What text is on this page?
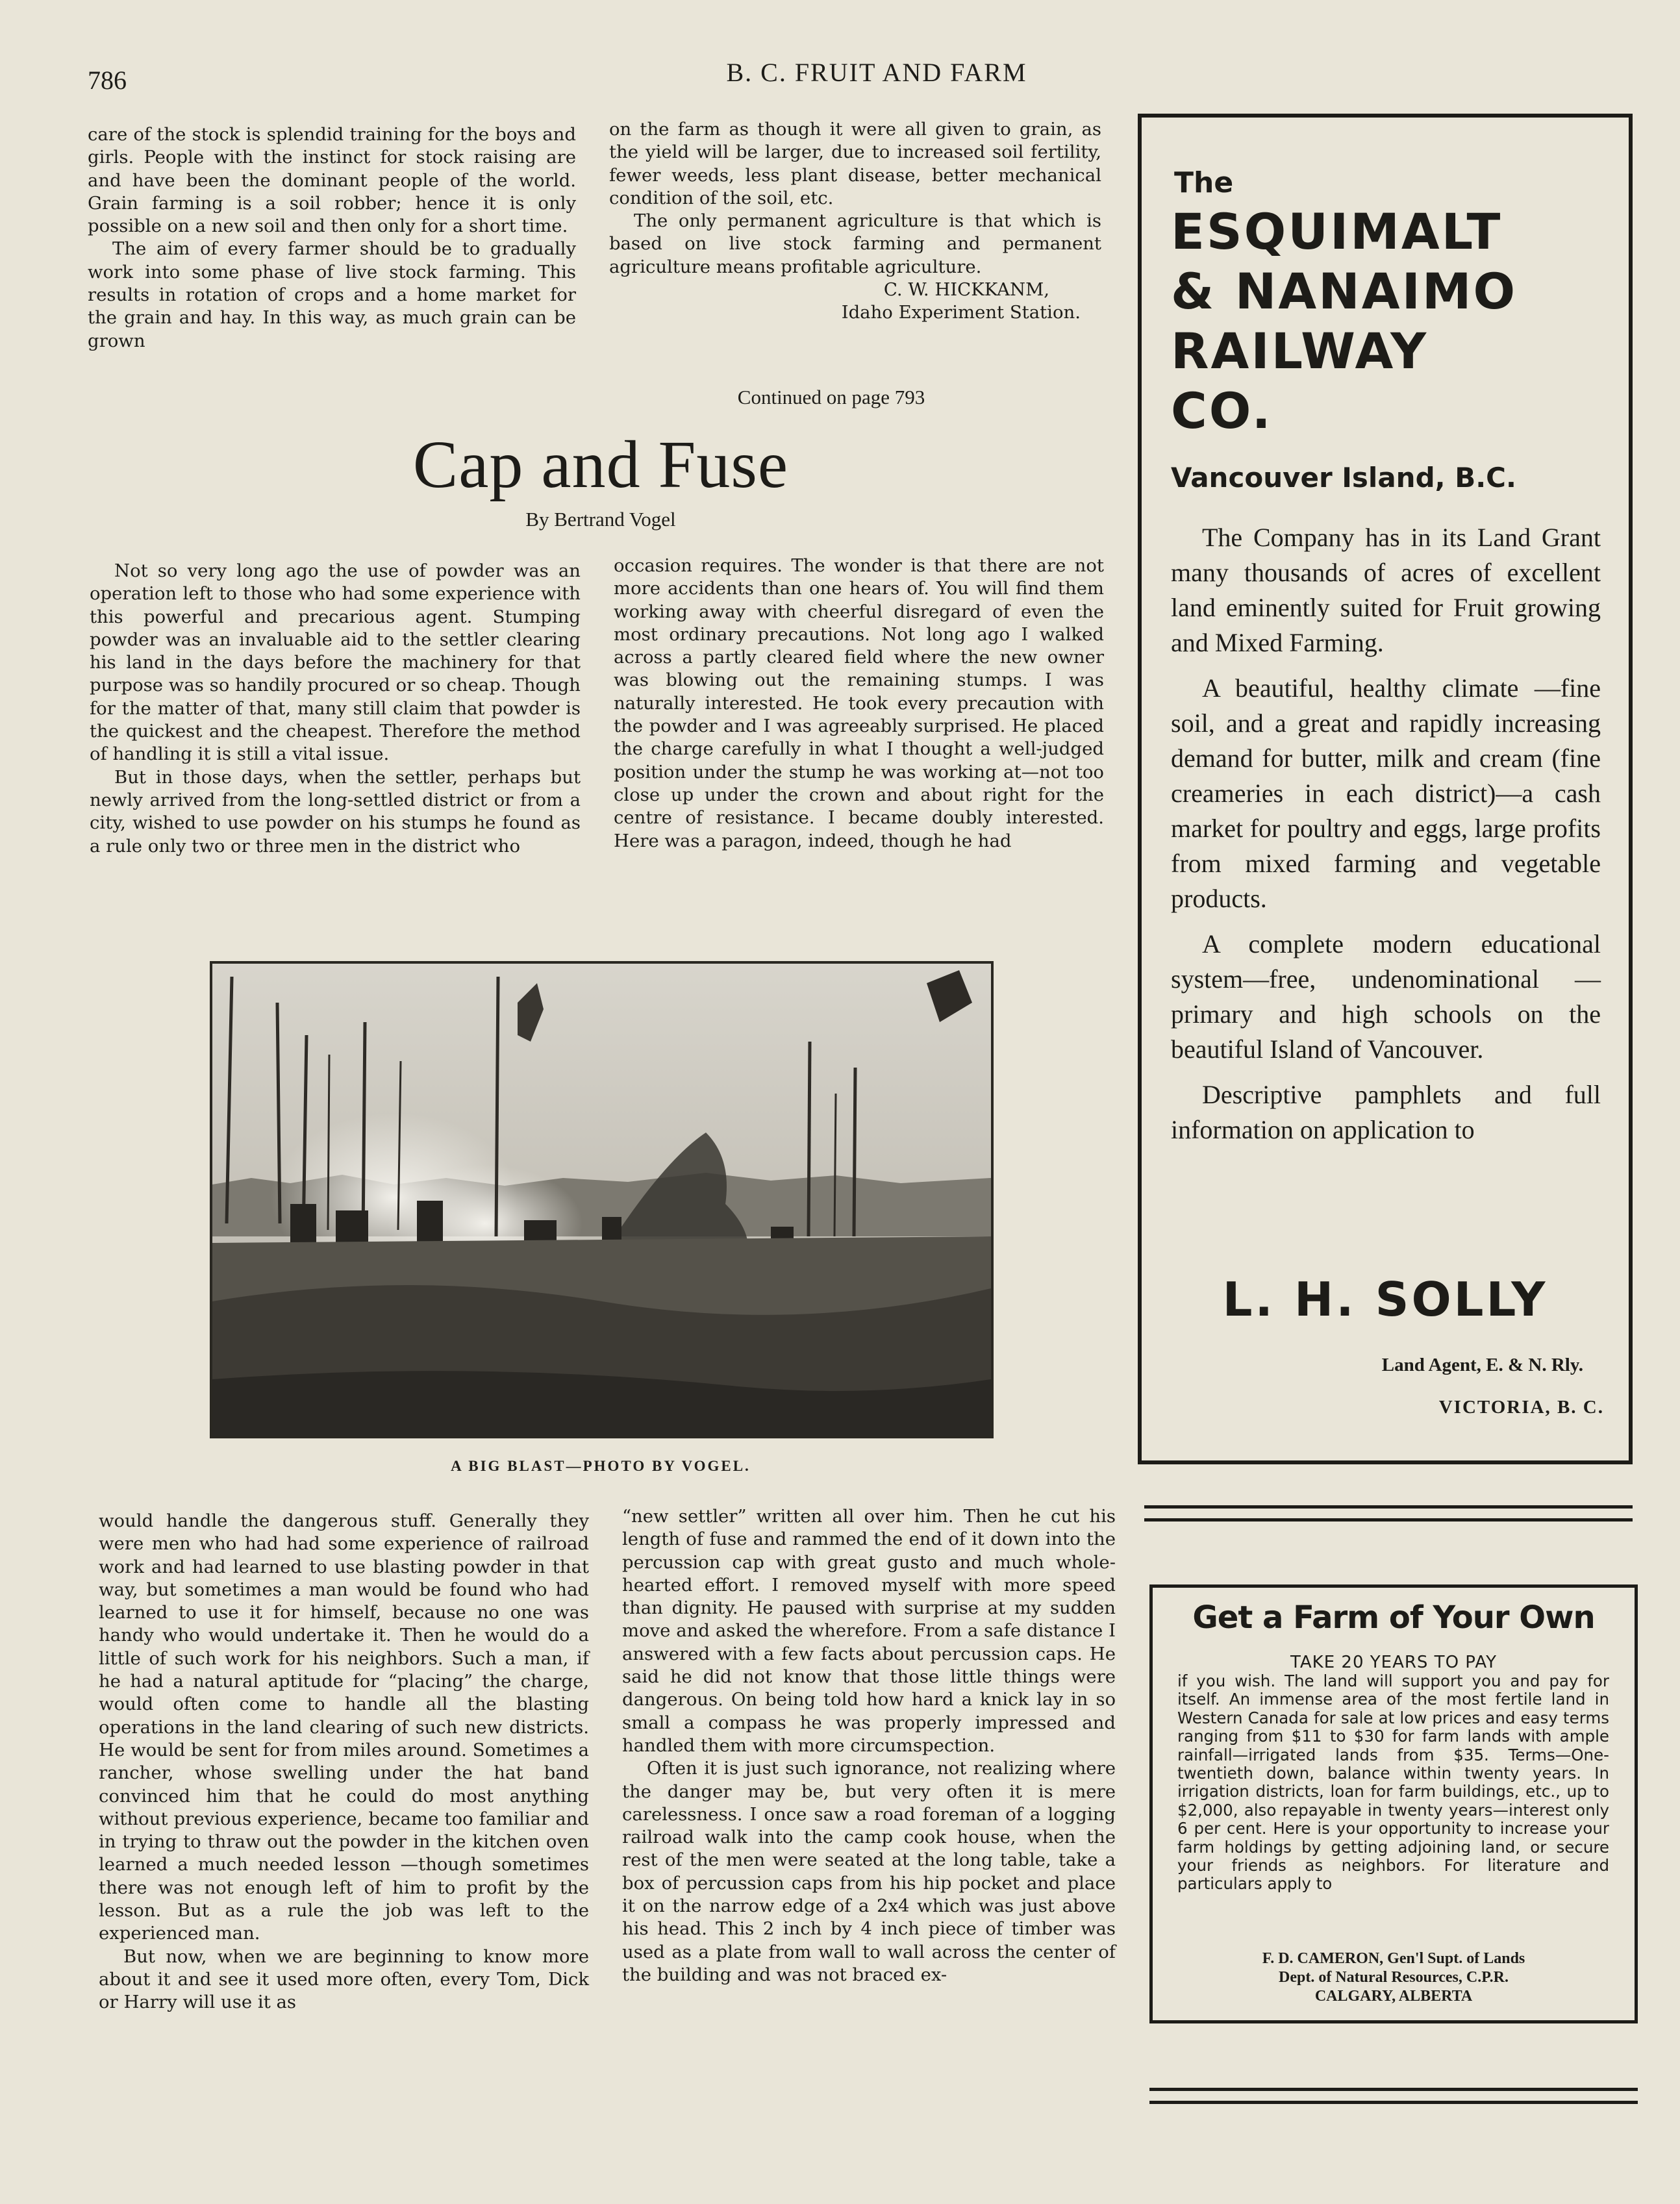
786	B. C. FRUIT AND FARM

care of the stock is splendid training for the boys and girls. People with the instinct for stock raising are and have been the dominant people of the world. Grain farming is a soil robber; hence it is only possible on a new soil and then only for a short time.

The aim of every farmer should be to gradually work into some phase of live stock farming. This results in rotation of crops and a home market for the grain and hay. In this way, as much grain can be grown

on the farm as though it were all given to grain, as the yield will be larger, due to increased soil fertility, fewer weeds, less plant disease, better mechanical condition of the soil, etc.

The only permanent agriculture is that which is based on live stock farming and permanent agriculture means profitable agriculture.

C. W. HICKKANM,

Idaho Experiment Station.

Continued on page 793
Cap and Fuse
By Bertrand Vogel

Not so very long ago the use of powder was an operation left to those who had some experience with this powerful and precarious agent. Stumping powder was an invaluable aid to the settler clearing his land in the days before the machinery for that purpose was so handily procured or so cheap. Though for the matter of that, many still claim that powder is the quickest and the cheapest. Therefore the method of handling it is still a vital issue.

But in those days, when the settler, perhaps but newly arrived from the long-settled district or from a city, wished to use powder on his stumps he found as a rule only two or three men in the district who

occasion requires. The wonder is that there are not more accidents than one hears of. You will find them working away with cheerful disregard of even the most ordinary precautions. Not long ago I walked across a partly cleared field where the new owner was blowing out the remaining stumps. I was naturally interested. He took every precaution with the powder and I was agreeably surprised. He placed the charge carefully in what I thought a well-judged position under the stump he was working at—not too close up under the crown and about right for the centre of resistance. I became doubly interested. Here was a paragon, indeed, though he had

A BIG BLAST—PHOTO BY VOGEL.

would handle the dangerous stuff. Generally they were men who had had some experience of railroad work and had learned to use blasting powder in that way, but sometimes a man would be found who had learned to use it for himself, because no one was handy who would undertake it. Then he would do a little of such work for his neighbors. Such a man, if he had a natural aptitude for “placing” the charge, would often come to handle all the blasting operations in the land clearing of such new districts. He would be sent for from miles around. Sometimes a rancher, whose swelling under the hat band convinced him that he could do most anything without previous experience, became too familiar and in trying to thraw out the powder in the kitchen oven learned a much needed lesson —though sometimes there was not enough left of him to profit by the lesson. But as a rule the job was left to the experienced man.

But now, when we are beginning to know more about it and see it used more often, every Tom, Dick or Harry will use it as

“new settler” written all over him. Then he cut his length of fuse and rammed the end of it down into the percussion cap with great gusto and much whole-hearted effort. I removed myself with more speed than dignity. He paused with surprise at my sudden move and asked the wherefore. From a safe distance I answered with a few facts about percussion caps. He said he did not know that those little things were dangerous. On being told how hard a knick lay in so small a compass he was properly impressed and handled them with more circumspection.

Often it is just such ignorance, not realizing where the danger may be, but very often it is mere carelessness. I once saw a road foreman of a logging railroad walk into the camp cook house, when the rest of the men were seated at the long table, take a box of percussion caps from his hip pocket and place it on the narrow edge of a 2x4 which was just above his head. This 2 inch by 4 inch piece of timber was used as a plate from wall to wall across the center of the building and was not braced ex-

The
ESQUIMALT
& NANAIMO
RAILWAY
CO.
Vancouver Island, B.C.

The Company has in its Land Grant many thousands of acres of excellent land eminently suited for Fruit growing and Mixed Farming.

A beautiful, healthy climate —fine soil, and a great and rapidly increasing demand for butter, milk and cream (fine creameries in each district)—a cash market for poultry and eggs, large profits from mixed farming and vegetable products.

A complete modern educational system—free, undenominational — primary and high schools on the beautiful Island of Vancouver.

Descriptive pamphlets and full information on application to

L. H. SOLLY
Land Agent, E. & N. Rly.
VICTORIA, B. C.
Get a Farm of Your Own
TAKE 20 YEARS TO PAY
if you wish. The land will support you and pay for itself. An immense area of the most fertile land in Western Canada for sale at low prices and easy terms ranging from $11 to $30 for farm lands with ample rainfall—irrigated lands from $35. Terms—One-twentieth down, balance within twenty years. In irrigation districts, loan for farm buildings, etc., up to $2,000, also repayable in twenty years—interest only 6 per cent. Here is your opportunity to increase your farm holdings by getting adjoining land, or secure your friends as neighbors. For literature and particulars apply to
F. D. CAMERON, Gen'l Supt. of Lands
Dept. of Natural Resources, C.P.R.
CALGARY, ALBERTA
